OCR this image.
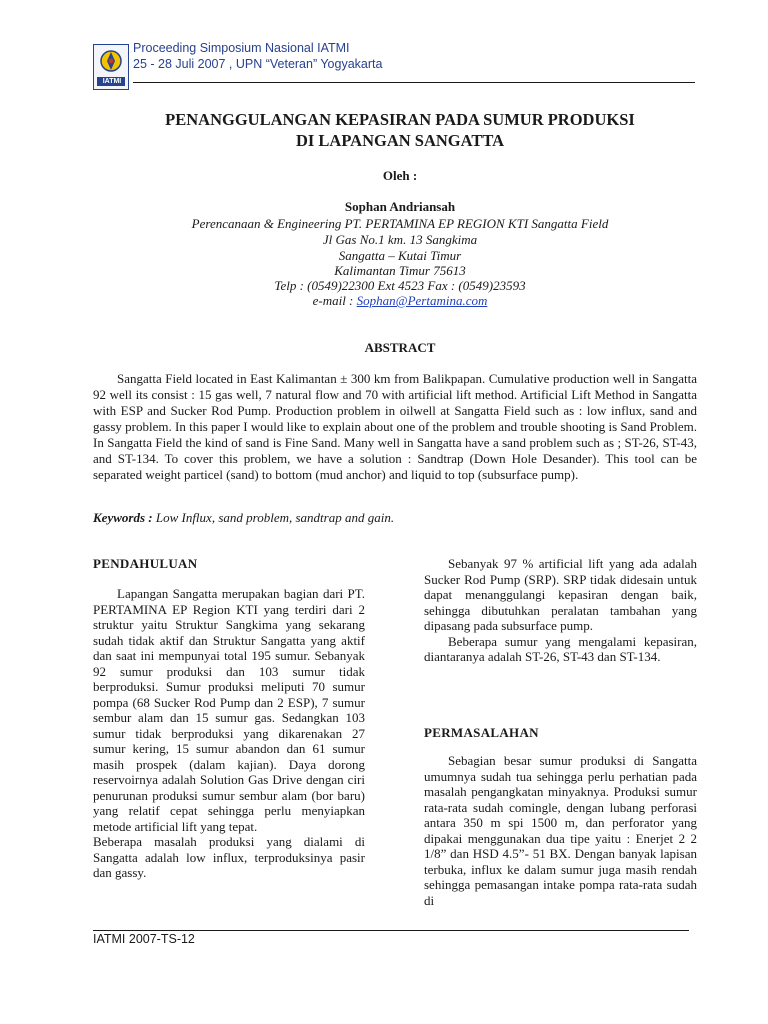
IATMI
Proceeding Simposium Nasional IATMI
25 - 28 Juli 2007 , UPN “Veteran” Yogyakarta
PENANGGULANGAN KEPASIRAN PADA SUMUR PRODUKSI
DI LAPANGAN SANGATTA
Oleh :
Sophan Andriansah
Perencanaan & Engineering PT. PERTAMINA EP REGION KTI Sangatta Field
Jl Gas No.1 km. 13 Sangkima
Sangatta – Kutai Timur
Kalimantan Timur 75613
Telp : (0549)22300 Ext 4523 Fax : (0549)23593
e-mail : Sophan@Pertamina.com
ABSTRACT
Sangatta Field located in East Kalimantan ± 300 km from Balikpapan. Cumulative production well in Sangatta 92 well its consist : 15 gas well, 7 natural flow and 70 with artificial lift method. Artificial Lift Method in Sangatta with ESP and Sucker Rod Pump. Production problem in oilwell at Sangatta Field such as : low influx, sand and gassy problem. In this paper I would like to explain about one of the problem and trouble shooting is Sand Problem. In Sangatta Field the kind of sand is Fine Sand. Many well in Sangatta have a sand problem such as ; ST-26, ST-43, and ST-134. To cover this problem, we have a solution : Sandtrap (Down Hole Desander). This tool can be separated weight particel (sand) to bottom (mud anchor) and liquid to top (subsurface pump).
Keywords : Low Influx, sand problem, sandtrap and gain.
PENDAHULUAN

Lapangan Sangatta merupakan bagian dari PT. PERTAMINA EP Region KTI yang terdiri dari 2 struktur yaitu Struktur Sangkima yang sekarang sudah tidak aktif dan Struktur Sangatta yang aktif dan saat ini mempunyai total 195 sumur. Sebanyak 92 sumur produksi dan 103 sumur tidak berproduksi. Sumur produksi meliputi 70 sumur pompa (68 Sucker Rod Pump dan 2 ESP), 7 sumur sembur alam dan 15 sumur gas. Sedangkan 103 sumur tidak berproduksi yang dikarenakan 27 sumur kering, 15 sumur abandon dan 61 sumur masih prospek (dalam kajian). Daya dorong reservoirnya adalah Solution Gas Drive dengan ciri penurunan produksi sumur sembur alam (bor baru) yang relatif cepat sehingga perlu menyiapkan metode artificial lift yang tepat.

Beberapa masalah produksi yang dialami di Sangatta adalah low influx, terproduksinya pasir dan gassy.

Sebanyak 97 % artificial lift yang ada adalah Sucker Rod Pump (SRP). SRP tidak didesain untuk dapat menanggulangi kepasiran dengan baik, sehingga dibutuhkan peralatan tambahan yang dipasang pada subsurface pump.

Beberapa sumur yang mengalami kepasiran, diantaranya adalah ST-26, ST-43 dan ST-134.

PERMASALAHAN

Sebagian besar sumur produksi di Sangatta umumnya sudah tua sehingga perlu perhatian pada masalah pengangkatan minyaknya. Produksi sumur rata-rata sudah comingle, dengan lubang perforasi antara 350 m spi 1500 m, dan perforator yang dipakai menggunakan dua tipe yaitu : Enerjet 2 2 1/8” dan HSD 4.5”- 51 BX. Dengan banyak lapisan terbuka, influx ke dalam sumur juga masih rendah sehingga pemasangan intake pompa rata-rata sudah di

IATMI 2007-TS-12
